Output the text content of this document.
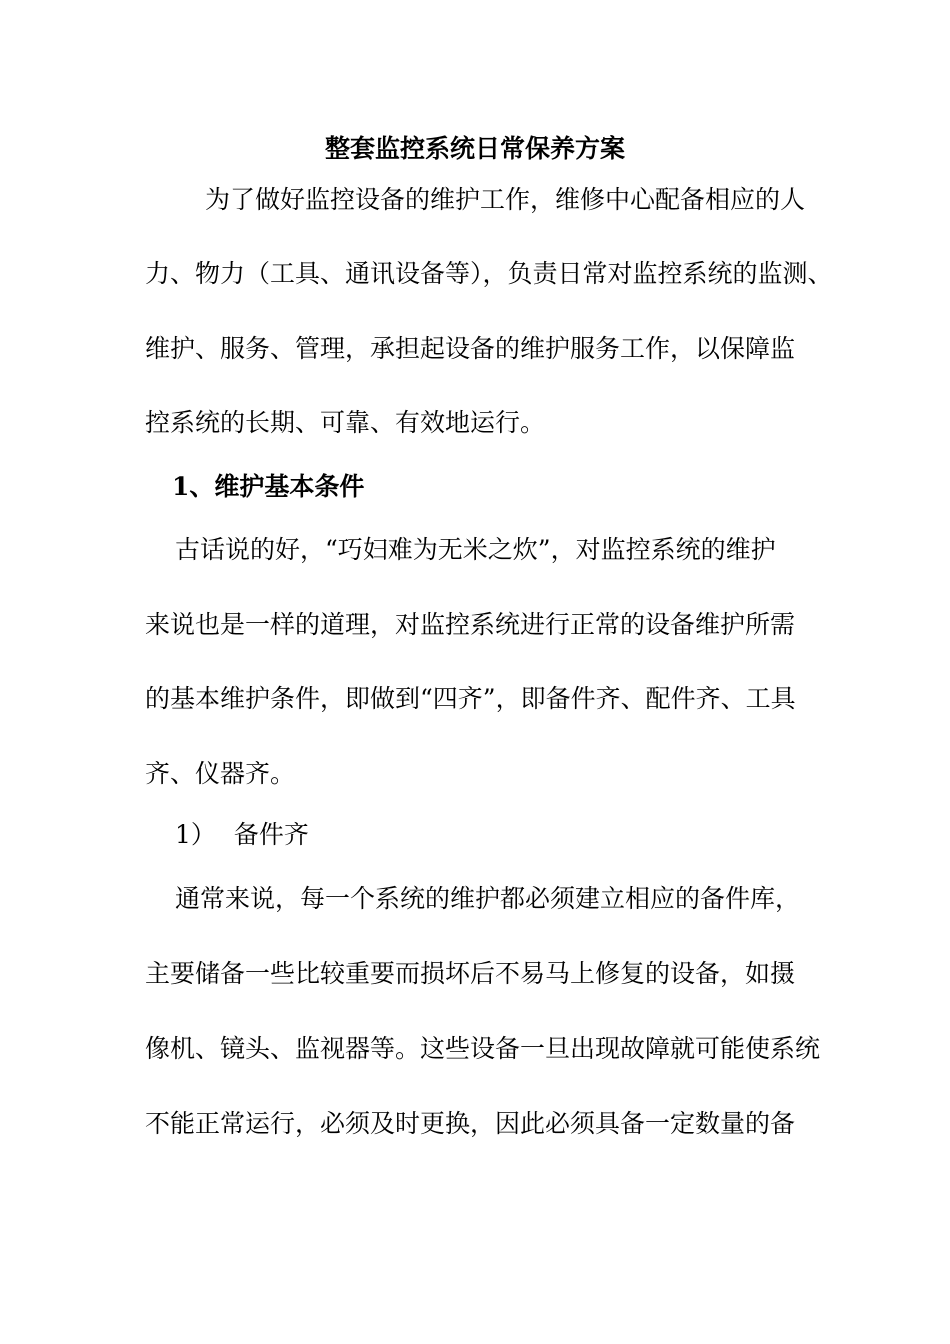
整套监控系统日常保养方案

为了做好监控设备的维护工作，维修中心配备相应的人

力、物力（工具、通讯设备等），负责日常对监控系统的监测、

维护、服务、管理，承担起设备的维护服务工作，以保障监

控系统的长期、可靠、有效地运行。

1、维护基本条件

古话说的好，“巧妇难为无米之炊”，对监控系统的维护

来说也是一样的道理，对监控系统进行正常的设备维护所需

的基本维护条件，即做到“四齐”，即备件齐、配件齐、工具

齐、仪器齐。

1） 备件齐

通常来说，每一个系统的维护都必须建立相应的备件库，

主要储备一些比较重要而损坏后不易马上修复的设备，如摄

像机、镜头、监视器等。这些设备一旦出现故障就可能使系统

不能正常运行，必须及时更换，因此必须具备一定数量的备
